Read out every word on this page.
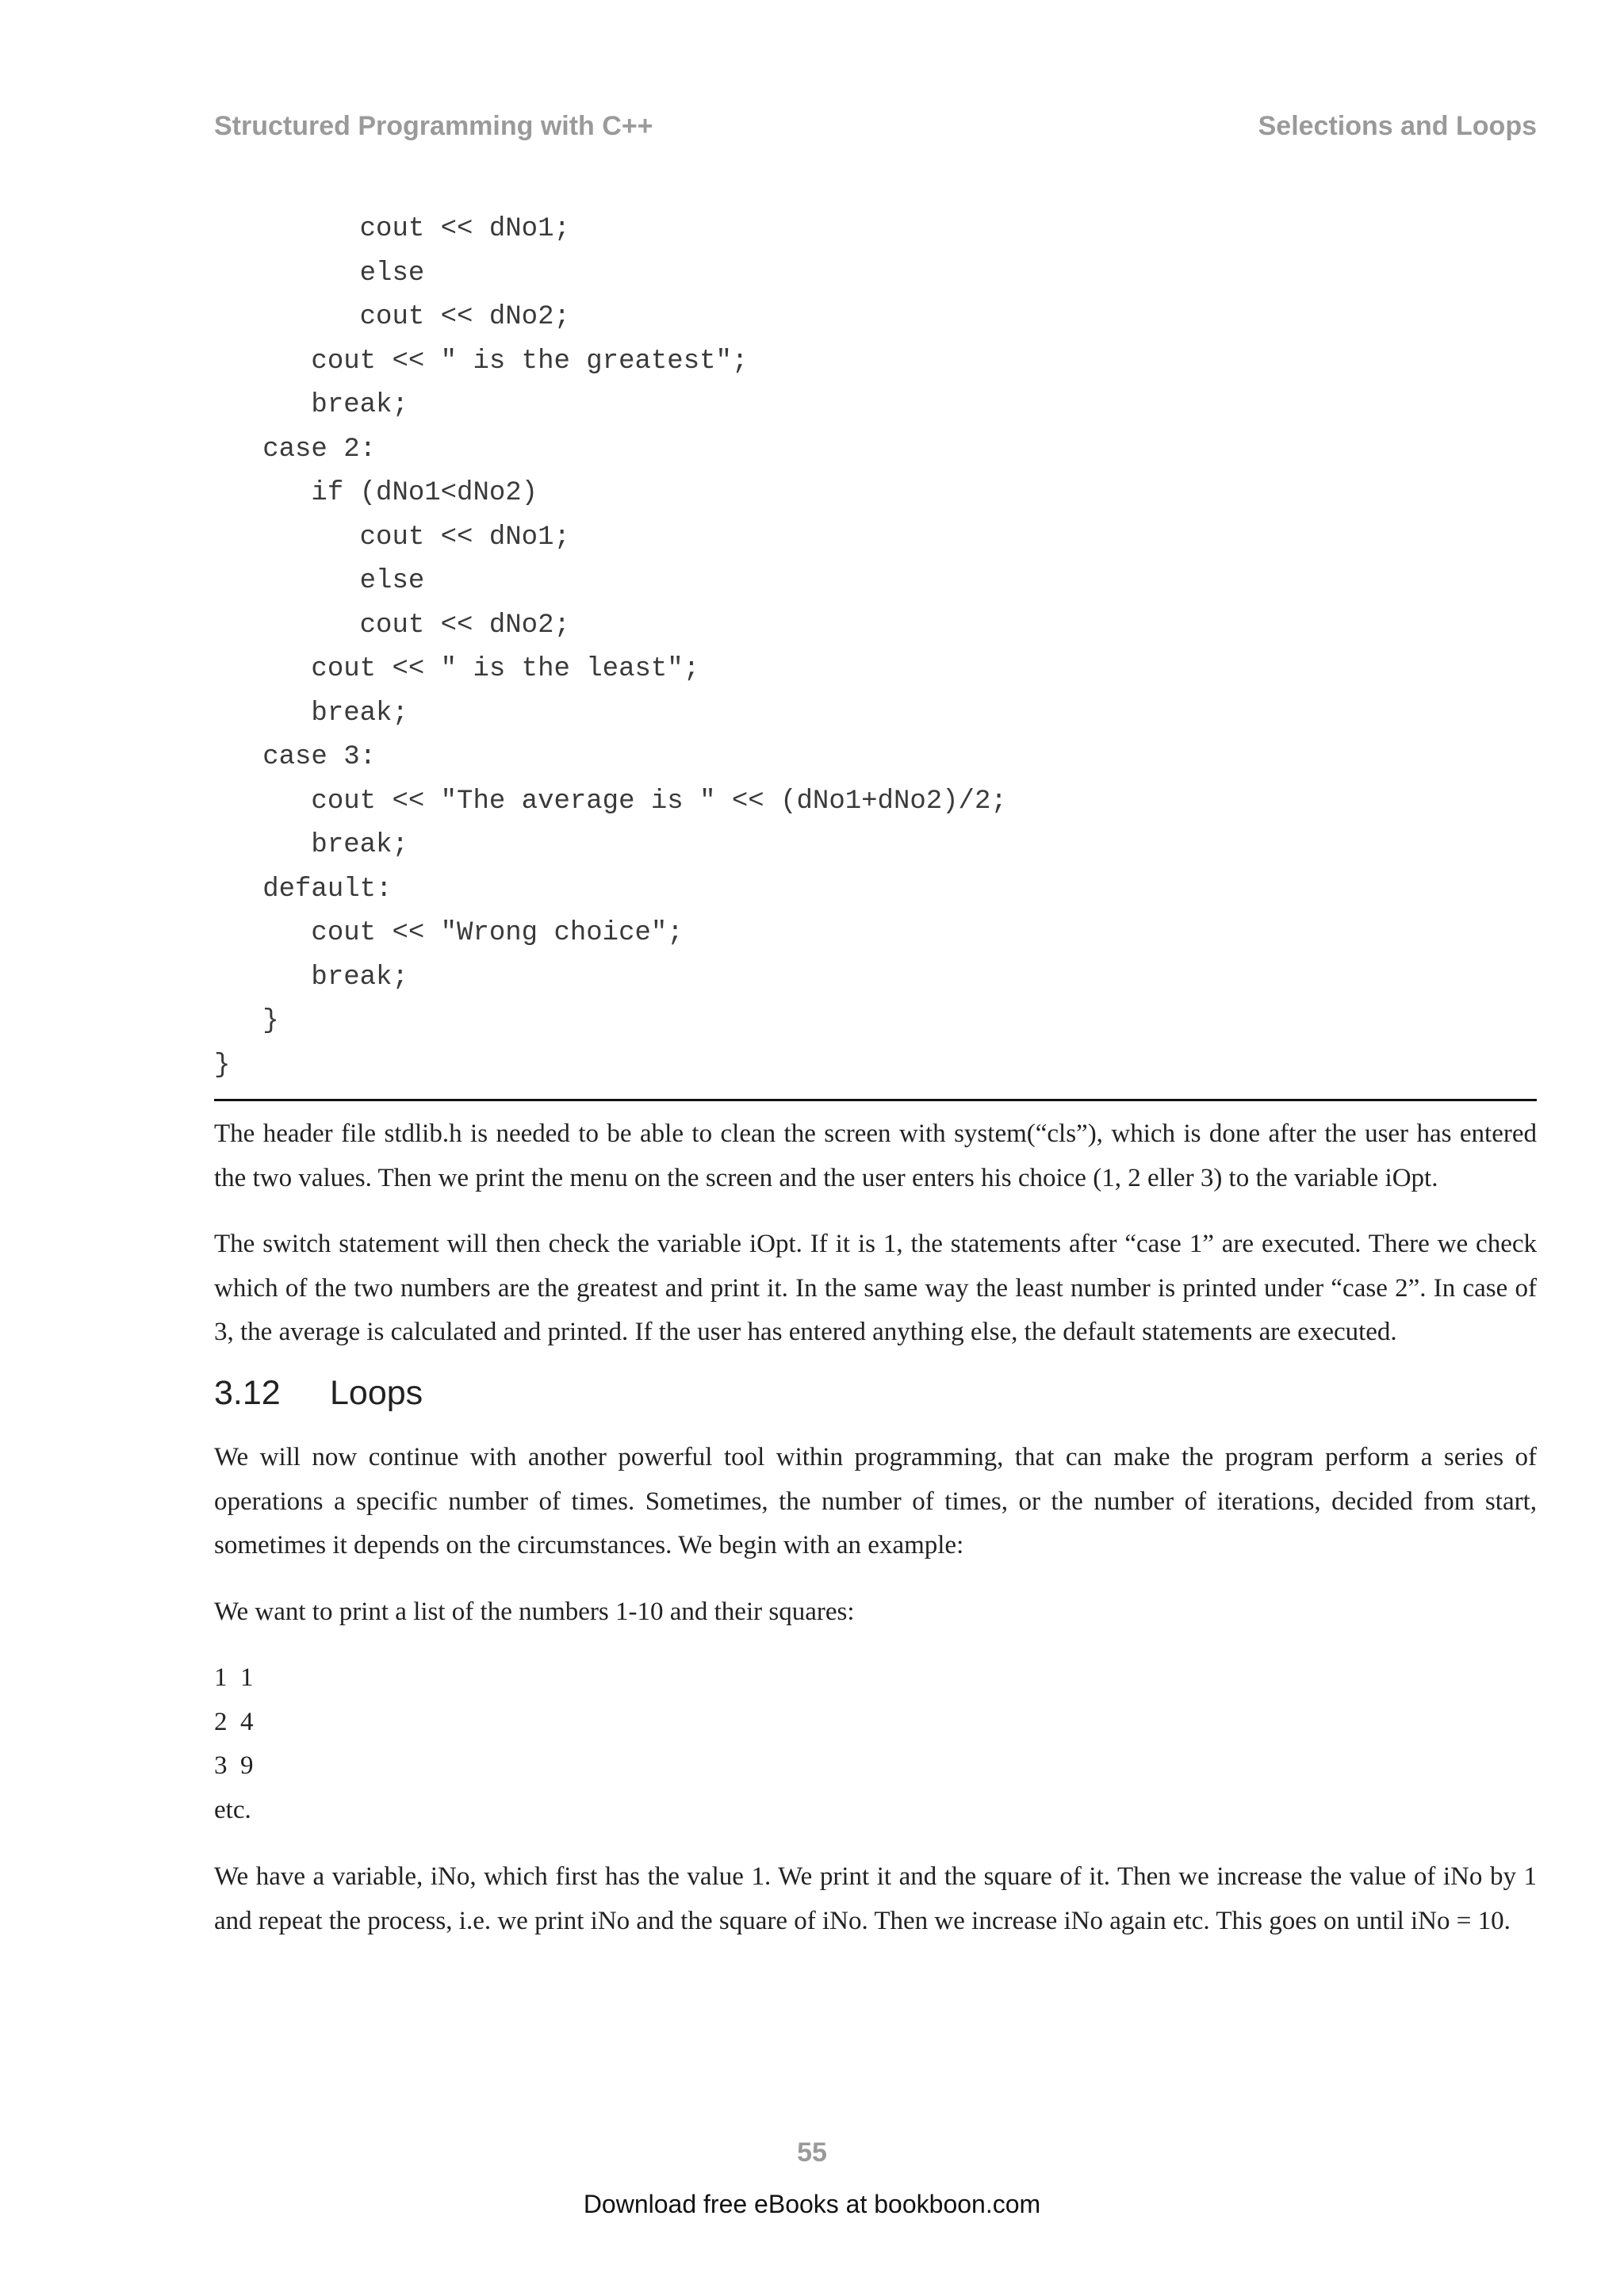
Structured Programming with C++	Selections and Loops
cout << dNo1;
else
cout << dNo2;
cout << " is the greatest";
break;
case 2:
if (dNo1<dNo2)
cout << dNo1;
else
cout << dNo2;
cout << " is the least";
break;
case 3:
cout << "The average is " << (dNo1+dNo2)/2;
break;
default:
cout << "Wrong choice";
break;
}
}

The header file stdlib.h is needed to be able to clean the screen with system(“cls”), which is done after the user has entered the two values. Then we print the menu on the screen and the user enters his choice (1, 2 eller 3) to the variable iOpt.

The switch statement will then check the variable iOpt. If it is 1, the statements after “case 1” are executed. There we check which of the two numbers are the greatest and print it. In the same way the least number is printed under “case 2”. In case of 3, the average is calculated and printed. If the user has entered anything else, the default statements are executed.

3.12 Loops

We will now continue with another powerful tool within programming, that can make the program perform a series of operations a specific number of times. Sometimes, the number of times, or the number of iterations, decided from start, sometimes it depends on the circumstances. We begin with an example:

We want to print a list of the numbers 1-10 and their squares:

1  1
2  4
3  9
etc.

We have a variable, iNo, which first has the value 1. We print it and the square of it. Then we increase the value of iNo by 1 and repeat the process, i.e. we print iNo and the square of iNo. Then we increase iNo again etc. This goes on until iNo = 10.

55
Download free eBooks at bookboon.com
